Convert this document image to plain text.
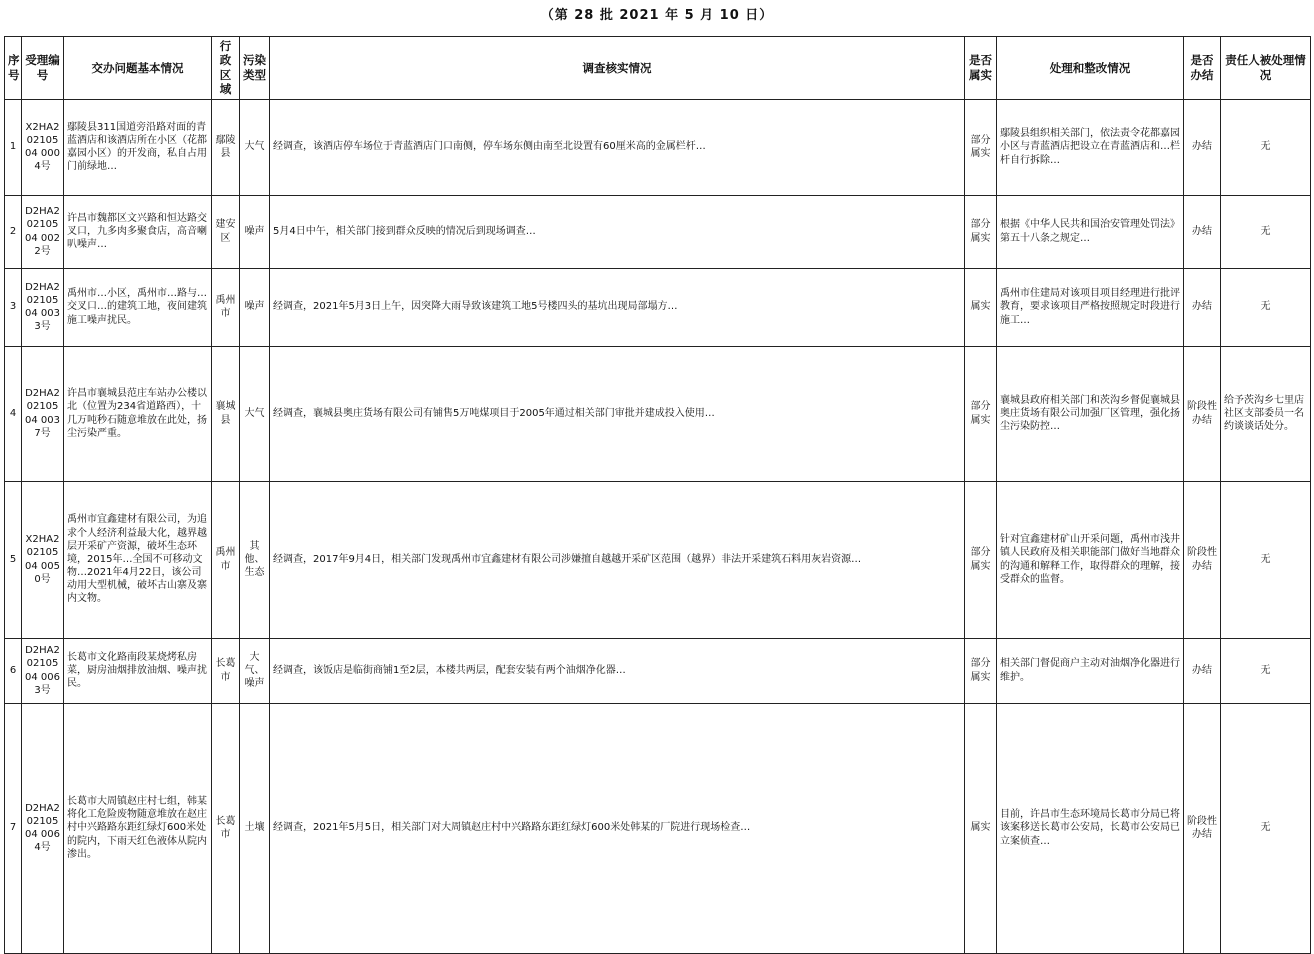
（第 28 批 2021 年 5 月 10 日）
序号	受理编号	交办问题基本情况	行政区域	污染类型	调查核实情况	是否属实	处理和整改情况	是否办结	责任人被处理情况
1	X2HA20210504 0004号	鄢陵县311国道旁沿路对面的青蓝酒店和该酒店所在小区（花都嘉园小区）的开发商，私自占用门前绿地…	鄢陵县	大气	经调查，该酒店停车场位于青蓝酒店门口南侧，停车场东侧由南至北设置有60厘米高的金属栏杆…	部分属实	鄢陵县组织相关部门，依法责令花都嘉园小区与青蓝酒店把设立在青蓝酒店和…栏杆自行拆除…	办结	无
2	D2HA20210504 0022号	许昌市魏都区文兴路和恒达路交叉口，九多肉多聚食店，高音喇叭噪声…	建安区	噪声	5月4日中午，相关部门接到群众反映的情况后到现场调查…	部分属实	根据《中华人民共和国治安管理处罚法》第五十八条之规定…	办结	无
3	D2HA20210504 0033号	禹州市…小区，禹州市…路与…交叉口…的建筑工地，夜间建筑施工噪声扰民。	禹州市	噪声	经调查，2021年5月3日上午，因突降大雨导致该建筑工地5号楼四头的基坑出现局部塌方…	属实	禹州市住建局对该项目项目经理进行批评教育，要求该项目严格按照规定时段进行施工…	办结	无
4	D2HA20210504 0037号	许昌市襄城县范庄车站办公楼以北（位置为234省道路西），十几万吨秒石随意堆放在此处，扬尘污染严重。	襄城县	大气	经调查，襄城县奥庄货场有限公司有铺售5万吨煤项目于2005年通过相关部门审批并建成投入使用…	部分属实	襄城县政府相关部门和茨沟乡督促襄城县奥庄货场有限公司加强厂区管理，强化扬尘污染防控…	阶段性办结	给予茨沟乡七里店社区支部委员一名约谈谈话处分。
5	X2HA20210504 0050号	禹州市宜鑫建材有限公司，为追求个人经济利益最大化，越界越层开采矿产资源，破坏生态环境，2015年…全国不可移动文物…2021年4月22日，该公司动用大型机械，破坏古山寨及寨内文物。	禹州市	其他、生态	经调查，2017年9月4日，相关部门发现禹州市宜鑫建材有限公司涉嫌擅自越越开采矿区范围（越界）非法开采建筑石料用灰岩资源…	部分属实	针对宜鑫建材矿山开采问题，禹州市浅井镇人民政府及相关职能部门做好当地群众的沟通和解释工作，取得群众的理解，接受群众的监督。	阶段性办结	无
6	D2HA20210504 0063号	长葛市文化路南段某烧烤私房菜，厨房油烟排放油烟、噪声扰民。	长葛市	大气、噪声	经调查，该饭店是临街商铺1至2层，本楼共两层，配套安装有两个油烟净化器…	部分属实	相关部门督促商户主动对油烟净化器进行维护。	办结	无
7	D2HA20210504 0064号	长葛市大周镇赵庄村七组，韩某将化工危险废物随意堆放在赵庄村中兴路路东距红绿灯600米处的院内，下雨天红色液体从院内渗出。	长葛市	土壤	经调查，2021年5月5日，相关部门对大周镇赵庄村中兴路路东距红绿灯600米处韩某的厂院进行现场检查…	属实	目前，许昌市生态环境局长葛市分局已将该案移送长葛市公安局，长葛市公安局已立案侦查…	阶段性办结	无
